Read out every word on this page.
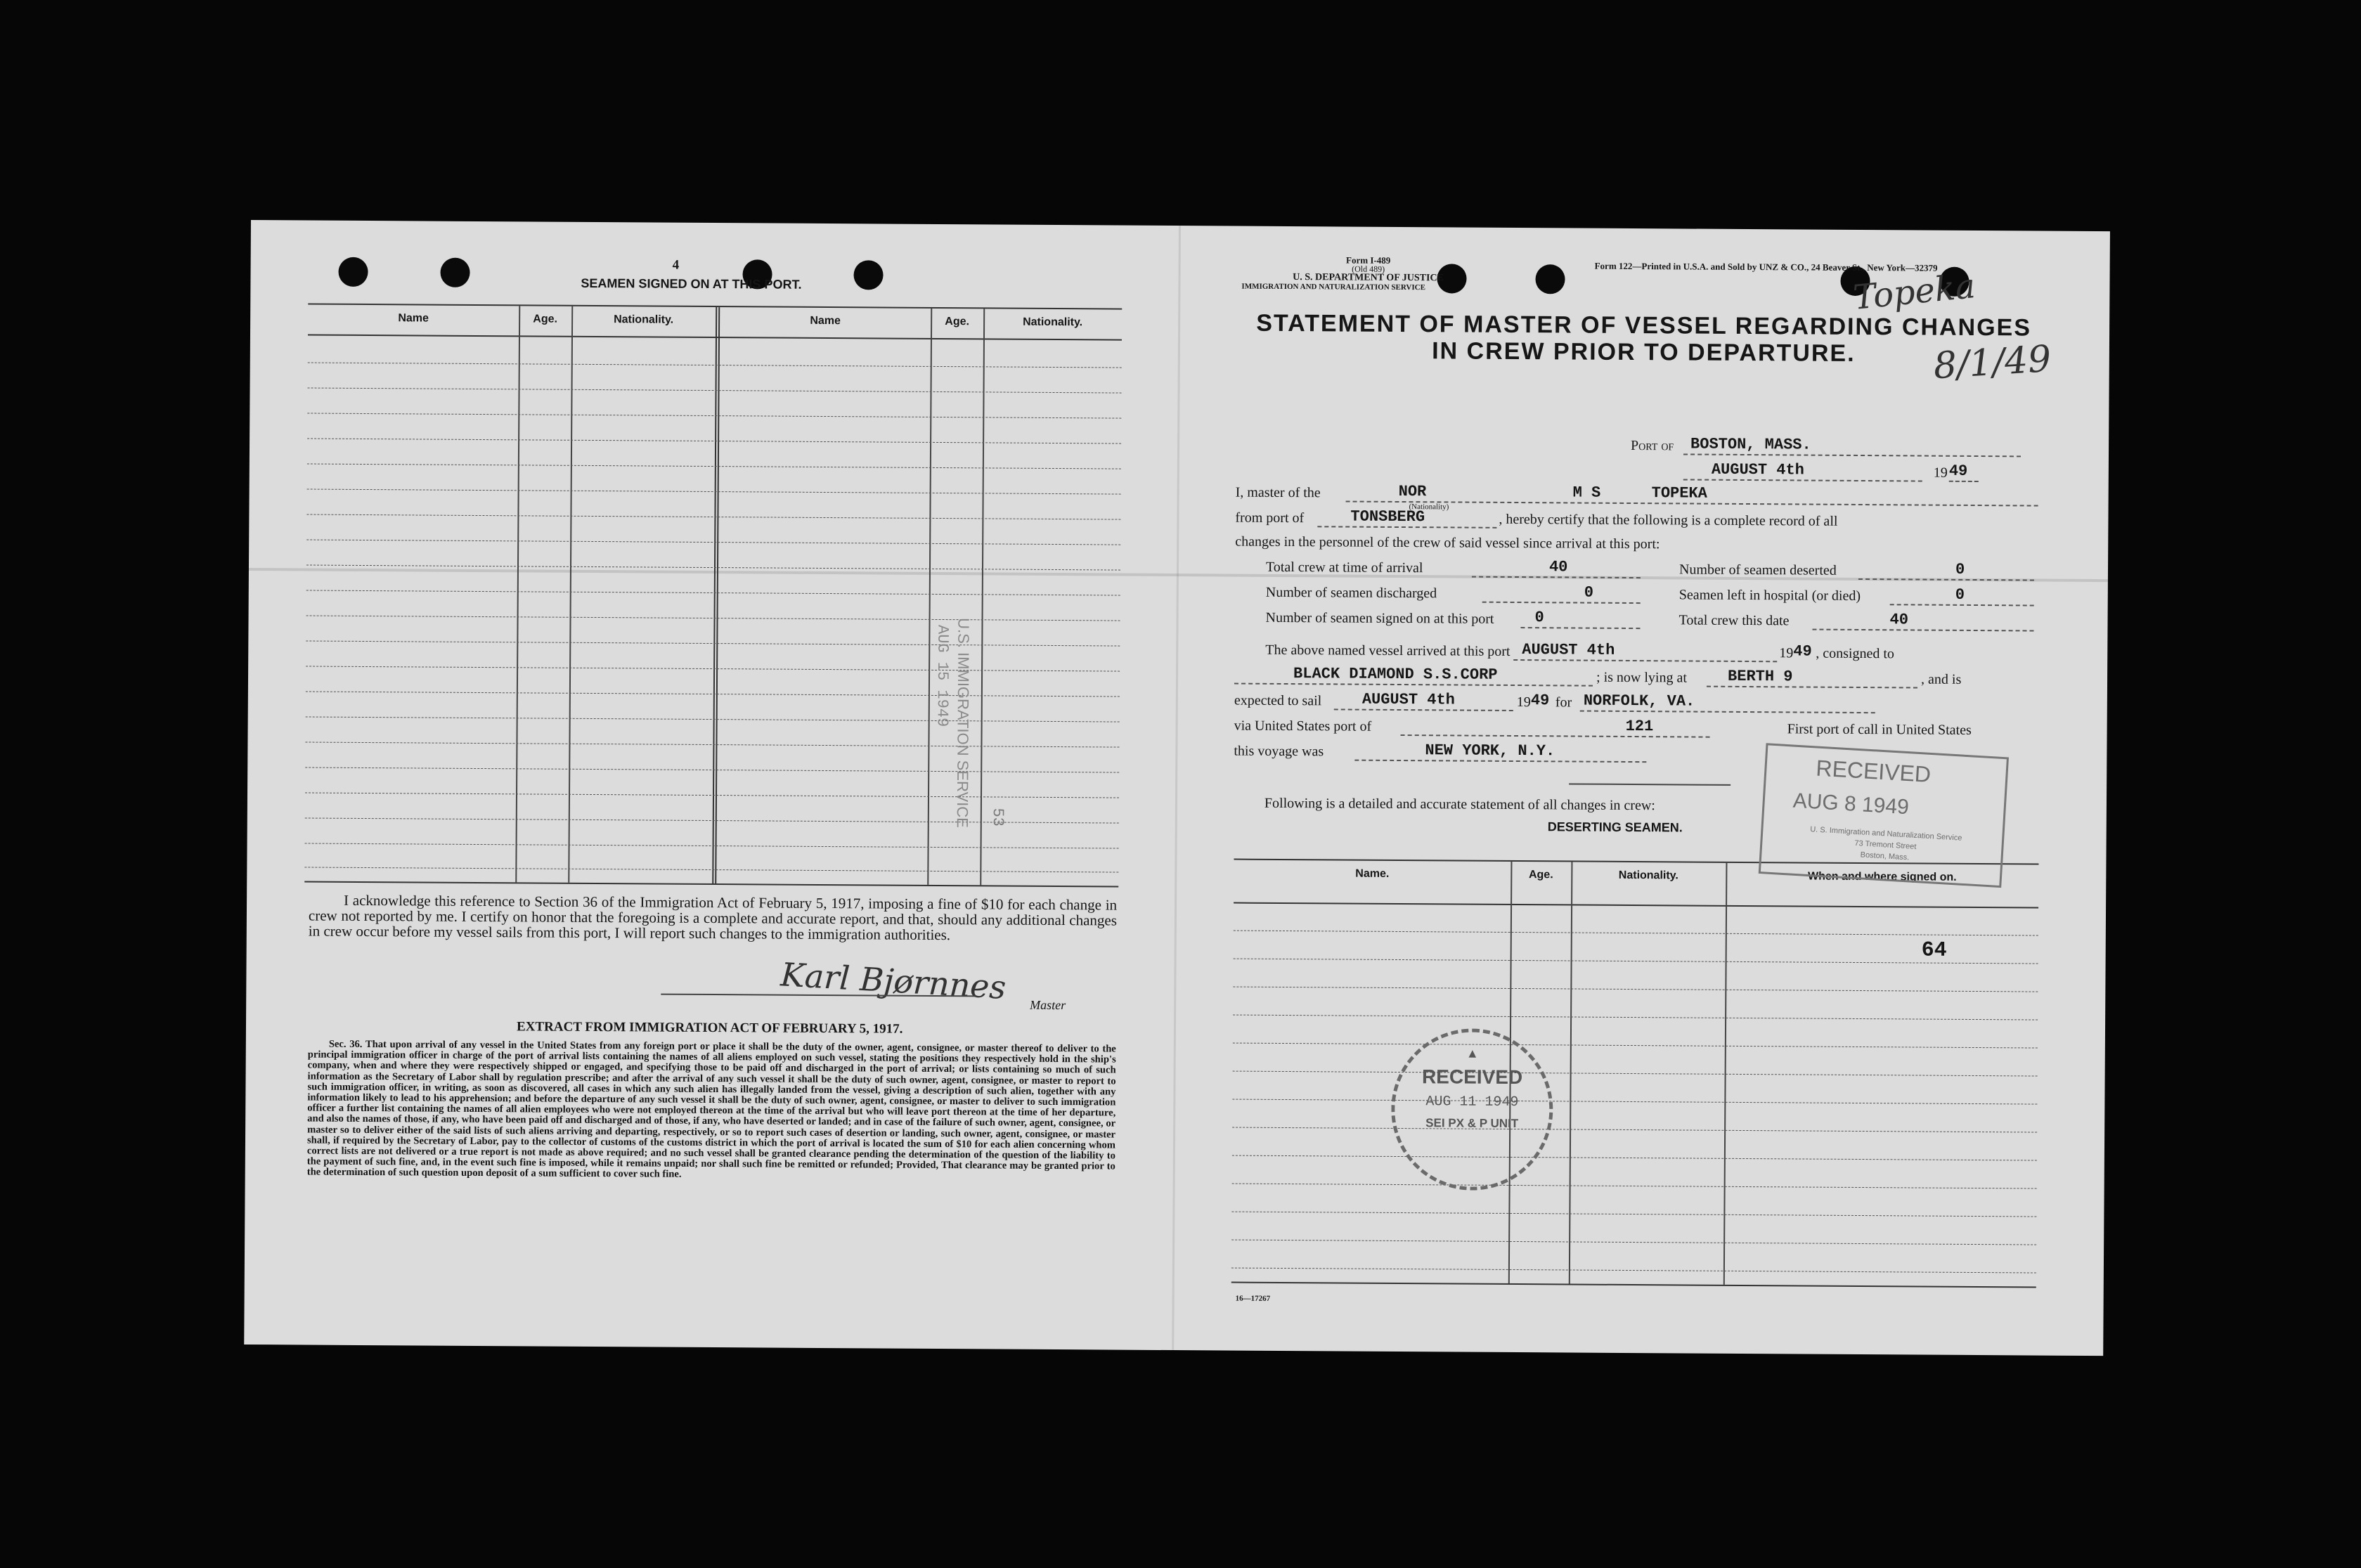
4
SEAMEN SIGNED ON AT THIS PORT.
Name	Age.	Nationality.	Name	Age.	Nationality.
U.S. IMMIGRATION SERVICE
AUG 15 1949
53
I acknowledge this reference to Section 36 of the Immigration Act of February 5, 1917, imposing a fine of $10 for each change in crew not reported by me. I certify on honor that the foregoing is a complete and accurate report, and that, should any additional changes in crew occur before my vessel sails from this port, I will report such changes to the immigration authorities.
Karl Bjørnnes Master
EXTRACT FROM IMMIGRATION ACT OF FEBRUARY 5, 1917.
Sec. 36. That upon arrival of any vessel in the United States from any foreign port or place it shall be the duty of the owner, agent, consignee, or master thereof to deliver to the principal immigration officer in charge of the port of arrival lists containing the names of all aliens employed on such vessel, stating the positions they respectively hold in the ship's company, when and where they were respectively shipped or engaged, and specifying those to be paid off and discharged in the port of arrival; or lists containing so much of such information as the Secretary of Labor shall by regulation prescribe; and after the arrival of any such vessel it shall be the duty of such owner, agent, consignee, or master to report to such immigration officer, in writing, as soon as discovered, all cases in which any such alien has illegally landed from the vessel, giving a description of such alien, together with any information likely to lead to his apprehension; and before the departure of any such vessel it shall be the duty of such owner, agent, consignee, or master to deliver to such immigration officer a further list containing the names of all alien employees who were not employed thereon at the time of the arrival but who will leave port thereon at the time of her departure, and also the names of those, if any, who have been paid off and discharged and of those, if any, who have deserted or landed; and in case of the failure of such owner, agent, consignee, or master so to deliver either of the said lists of such aliens arriving and departing, respectively, or so to report such cases of desertion or landing, such owner, agent, consignee, or master shall, if required by the Secretary of Labor, pay to the collector of customs of the customs district in which the port of arrival is located the sum of $10 for each alien concerning whom correct lists are not delivered or a true report is not made as above required; and no such vessel shall be granted clearance pending the determination of the question of the liability to the payment of such fine, and, in the event such fine is imposed, while it remains unpaid; nor shall such fine be remitted or refunded; Provided, That clearance may be granted prior to the determination of such question upon deposit of a sum sufficient to cover such fine.
Form I-489
(Old 489)
U. S. DEPARTMENT OF JUSTICE
IMMIGRATION AND NATURALIZATION SERVICE
Form 122—Printed in U.S.A. and Sold by UNZ & CO., 24 Beaver St., New York—32379
STATEMENT OF MASTER OF VESSEL REGARDING CHANGES
IN CREW PRIOR TO DEPARTURE.
Topeka
8/1/49
Port of BOSTON, MASS.
AUGUST 4th	19 49
I, master of the	NOR
(Nationality)
M S	TOPEKA
from port of	TONSBERG	, hereby certify that the following is a complete record of all
changes in the personnel of the crew of said vessel since arrival at this port:
Total crew at time of arrival	40	Number of seamen deserted	0
Number of seamen discharged	0	Seamen left in hospital (or died)	0
Number of seamen signed on at this port	0	Total crew this date	40
The above named vessel arrived at this port AUGUST 4th	19 49 , consigned to
BLACK DIAMOND S.S.CORP	; is now lying at	BERTH 9	, and is
expected to sail	AUGUST 4th	19 49 for NORFOLK, VA.
via United States port of	121	First port of call in United States
this voyage was	NEW YORK, N.Y.
Following is a detailed and accurate statement of all changes in crew:
DESERTING SEAMEN.
Name.	Age.	Nationality.	When and where signed on.
64
16—17267
RECEIVED
AUG 8 1949
U. S. Immigration and Naturalization Service
73 Tremont Street
Boston, Mass.
▲
RECEIVED
AUG 11 1949
SEI PX & P UNIT
